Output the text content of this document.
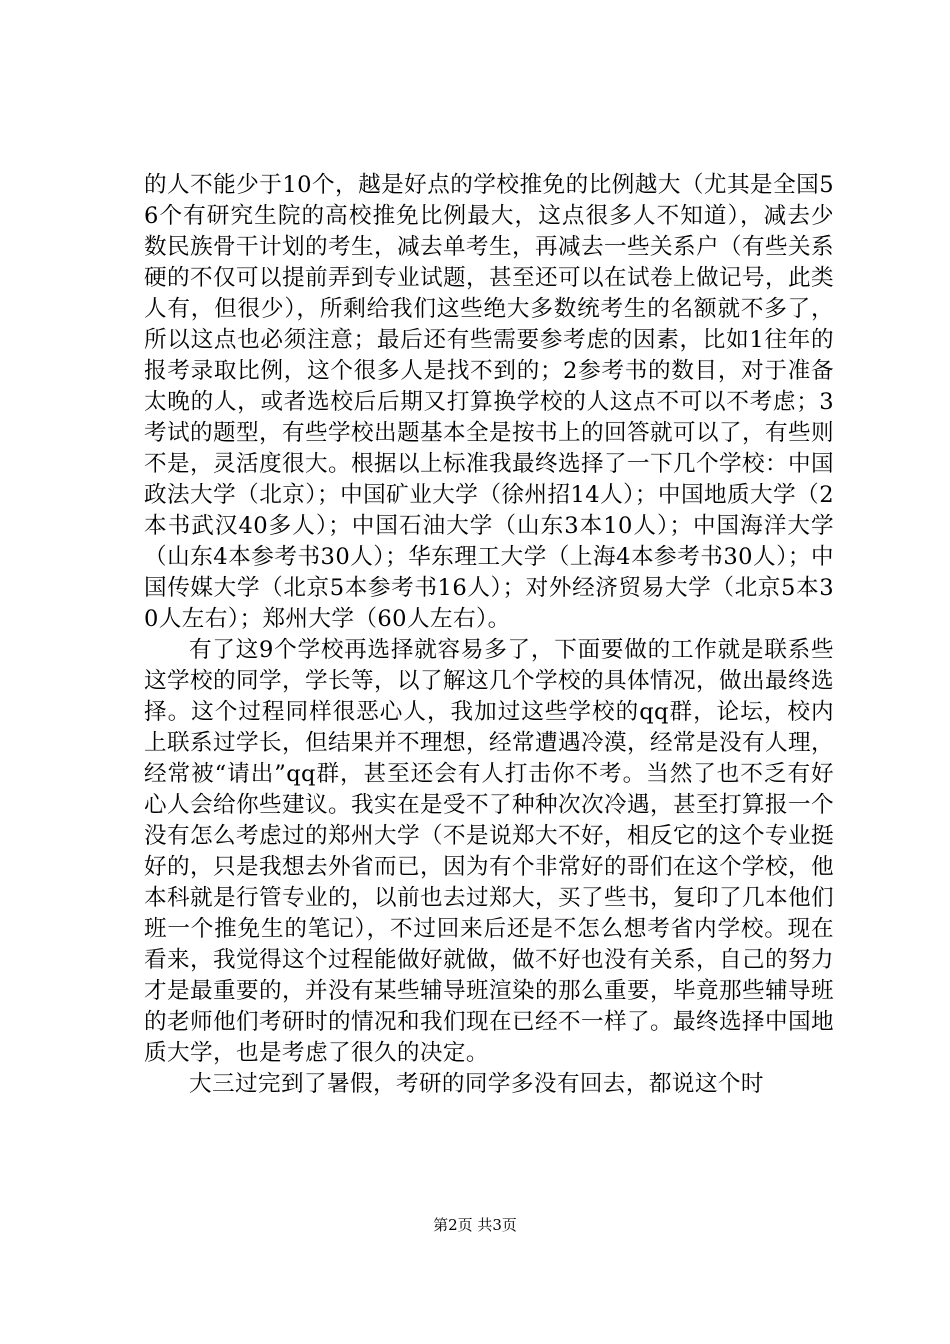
的人不能少于10个，越是好点的学校推免的比例越大（尤其是全国56个有研究生院的高校推免比例最大，这点很多人不知道），减去少数民族骨干计划的考生，减去单考生，再减去一些关系户（有些关系硬的不仅可以提前弄到专业试题，甚至还可以在试卷上做记号，此类人有，但很少），所剩给我们这些绝大多数统考生的名额就不多了，所以这点也必须注意；最后还有些需要参考虑的因素，比如1往年的报考录取比例，这个很多人是找不到的；2参考书的数目，对于准备太晚的人，或者选校后后期又打算换学校的人这点不可以不考虑；3考试的题型，有些学校出题基本全是按书上的回答就可以了，有些则不是，灵活度很大。根据以上标准我最终选择了一下几个学校：中国政法大学（北京）；中国矿业大学（徐州招14人）；中国地质大学（2本书武汉40多人）；中国石油大学（山东3本10人）；中国海洋大学（山东4本参考书30人）；华东理工大学（上海4本参考书30人）；中国传媒大学（北京5本参考书16人）；对外经济贸易大学（北京5本30人左右）；郑州大学（60人左右）。

有了这9个学校再选择就容易多了，下面要做的工作就是联系些这学校的同学，学长等，以了解这几个学校的具体情况，做出最终选择。这个过程同样很恶心人，我加过这些学校的qq群，论坛，校内上联系过学长，但结果并不理想，经常遭遇冷漠，经常是没有人理，经常被“请出”qq群，甚至还会有人打击你不考。当然了也不乏有好心人会给你些建议。我实在是受不了种种次次冷遇，甚至打算报一个没有怎么考虑过的郑州大学（不是说郑大不好，相反它的这个专业挺好的，只是我想去外省而已，因为有个非常好的哥们在这个学校，他本科就是行管专业的，以前也去过郑大，买了些书，复印了几本他们班一个推免生的笔记），不过回来后还是不怎么想考省内学校。现在看来，我觉得这个过程能做好就做，做不好也没有关系，自己的努力才是最重要的，并没有某些辅导班渲染的那么重要，毕竟那些辅导班的老师他们考研时的情况和我们现在已经不一样了。最终选择中国地质大学，也是考虑了很久的决定。

大三过完到了暑假，考研的同学多没有回去，都说这个时

第2页 共3页
